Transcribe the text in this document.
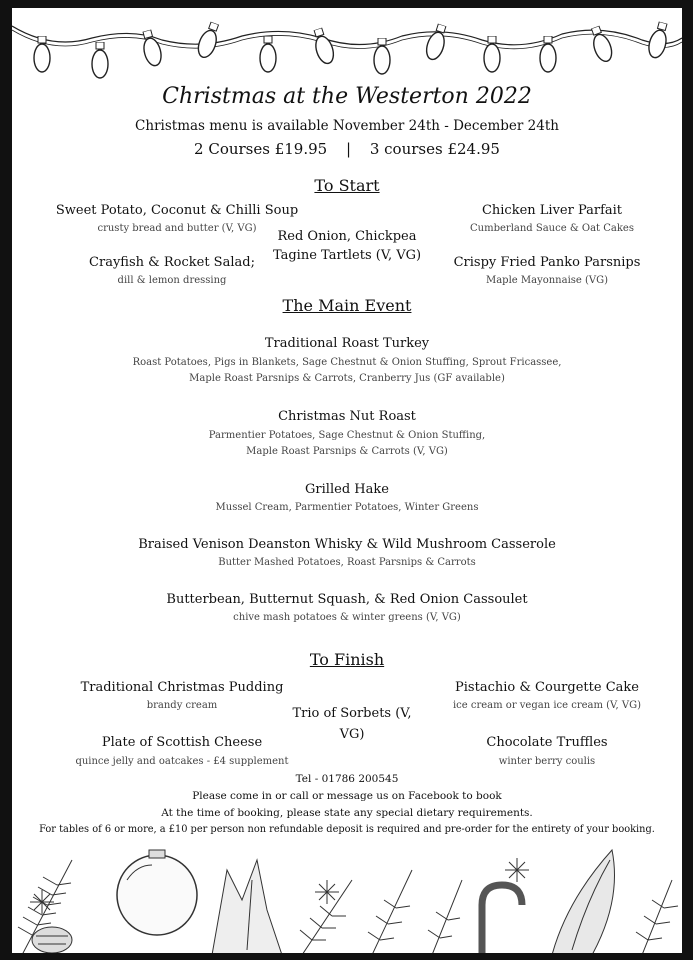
Christmas at the Westerton 2022
Christmas menu is available November 24th - December 24th
2 Courses £19.95 | 3 courses £24.95
To Start
Sweet Potato, Coconut & Chilli Soup
crusty bread and butter (V, VG)
Chicken Liver Parfait
Cumberland Sauce & Oat Cakes
Red Onion, Chickpea
Tagine Tartlets (V, VG)
Crayfish & Rocket Salad;
dill & lemon dressing
Crispy Fried Panko Parsnips
Maple Mayonnaise (VG)
The Main Event
Traditional Roast Turkey
Roast Potatoes, Pigs in Blankets, Sage Chestnut & Onion Stuffing, Sprout Fricassee,
Maple Roast Parsnips & Carrots, Cranberry Jus (GF available)
Christmas Nut Roast
Parmentier Potatoes, Sage Chestnut & Onion Stuffing,
Maple Roast Parsnips & Carrots (V, VG)
Grilled Hake
Mussel Cream, Parmentier Potatoes, Winter Greens
Braised Venison Deanston Whisky & Wild Mushroom Casserole
Butter Mashed Potatoes, Roast Parsnips & Carrots
Butterbean, Butternut Squash, & Red Onion Cassoulet
chive mash potatoes & winter greens (V, VG)
To Finish
Traditional Christmas Pudding
brandy cream
Pistachio & Courgette Cake
ice cream or vegan ice cream (V, VG)
Trio of Sorbets (V,
VG)
Plate of Scottish Cheese
quince jelly and oatcakes - £4 supplement
Chocolate Truffles
winter berry coulis
Tel - 01786 200545
Please come in or call or message us on Facebook to book
At the time of booking, please state any special dietary requirements.
For tables of 6 or more, a £10 per person non refundable deposit is required and pre-order for the entirety of your booking.
